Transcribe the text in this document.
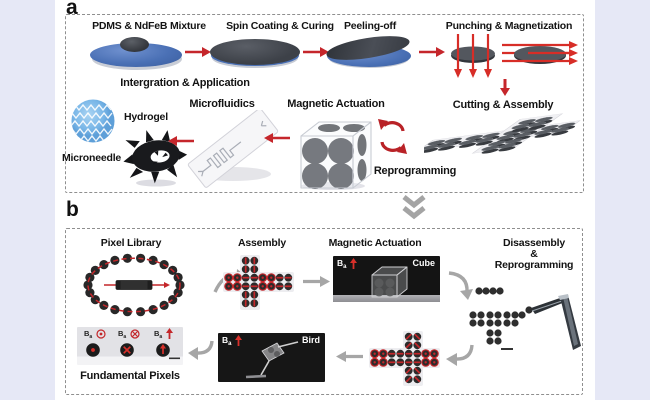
a
PDMS & NdFeB Mixture	Spin Coating & Curing Peeling-off	Punching & Magnetization
Intergration & Application
Microfluidics	Magnetic Actuation	Cutting & Assembly
Reprogramming
Hydrogel
Microneedle
b
Pixel Library	Assembly	Magnetic Actuation	Disassembly
&
Reprogramming
Fundamental Pixels
$B_a$	Cube
$B_a$	Bird
$B_a$	$B_a$	$B_a$
